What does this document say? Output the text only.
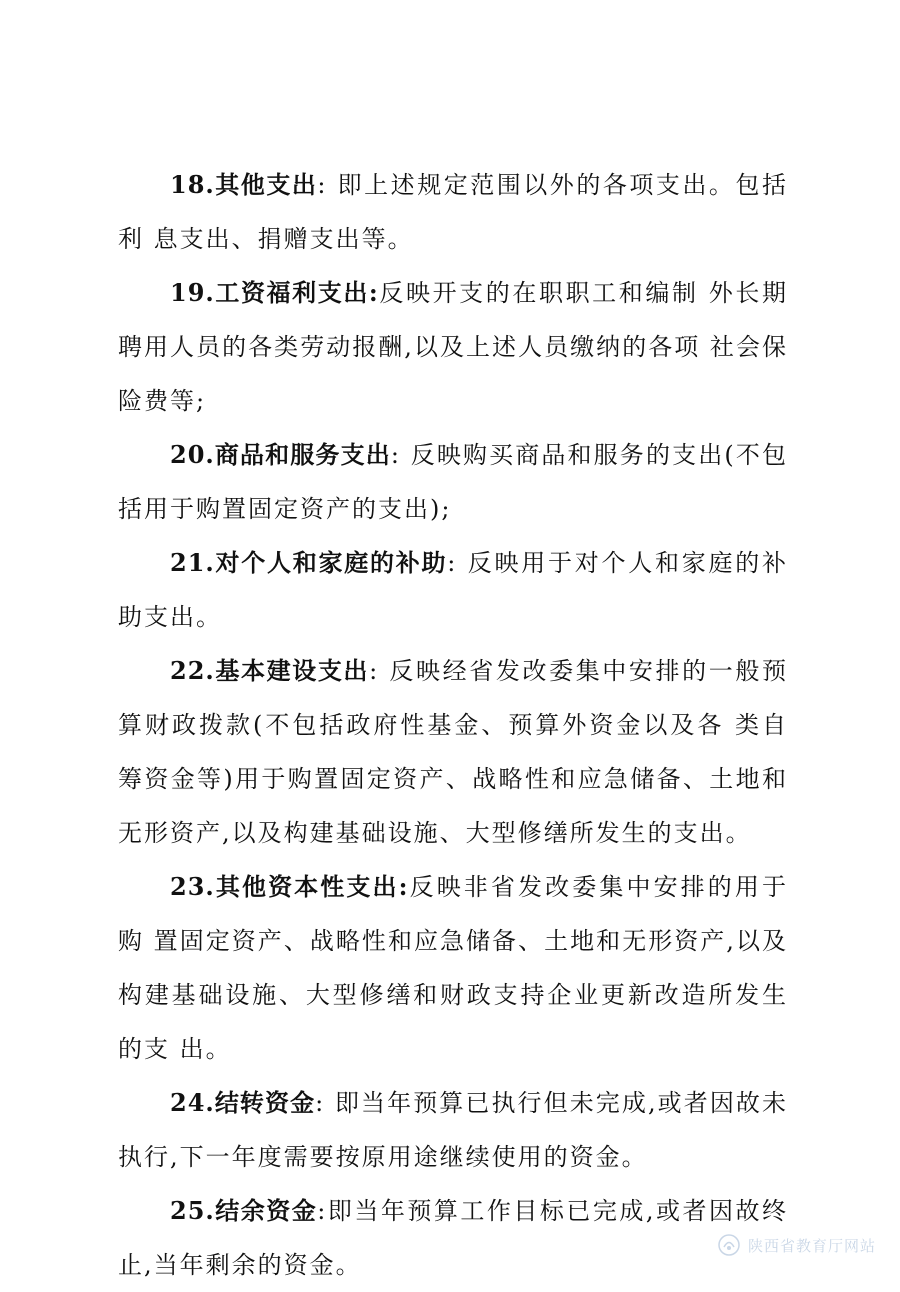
18.其他支出: 即上述规定范围以外的各项支出。包括利 息支出、捐赠支出等。

19.工资福利支出:反映开支的在职职工和编制 外长期聘用人员的各类劳动报酬,以及上述人员缴纳的各项 社会保险费等;

20.商品和服务支出: 反映购买商品和服务的支出(不包括用于购置固定资产的支出);

21.对个人和家庭的补助: 反映用于对个人和家庭的补助支出。

22.基本建设支出: 反映经省发改委集中安排的一般预算财政拨款(不包括政府性基金、预算外资金以及各 类自筹资金等)用于购置固定资产、战略性和应急储备、土地和无形资产,以及构建基础设施、大型修缮所发生的支出。

23.其他资本性支出:反映非省发改委集中安排的用于购 置固定资产、战略性和应急储备、土地和无形资产,以及构建基础设施、大型修缮和财政支持企业更新改造所发生的支 出。

24.结转资金: 即当年预算已执行但未完成,或者因故未执行,下一年度需要按原用途继续使用的资金。

25.结余资金:即当年预算工作目标已完成,或者因故终 止,当年剩余的资金。

陕西省教育厅网站
